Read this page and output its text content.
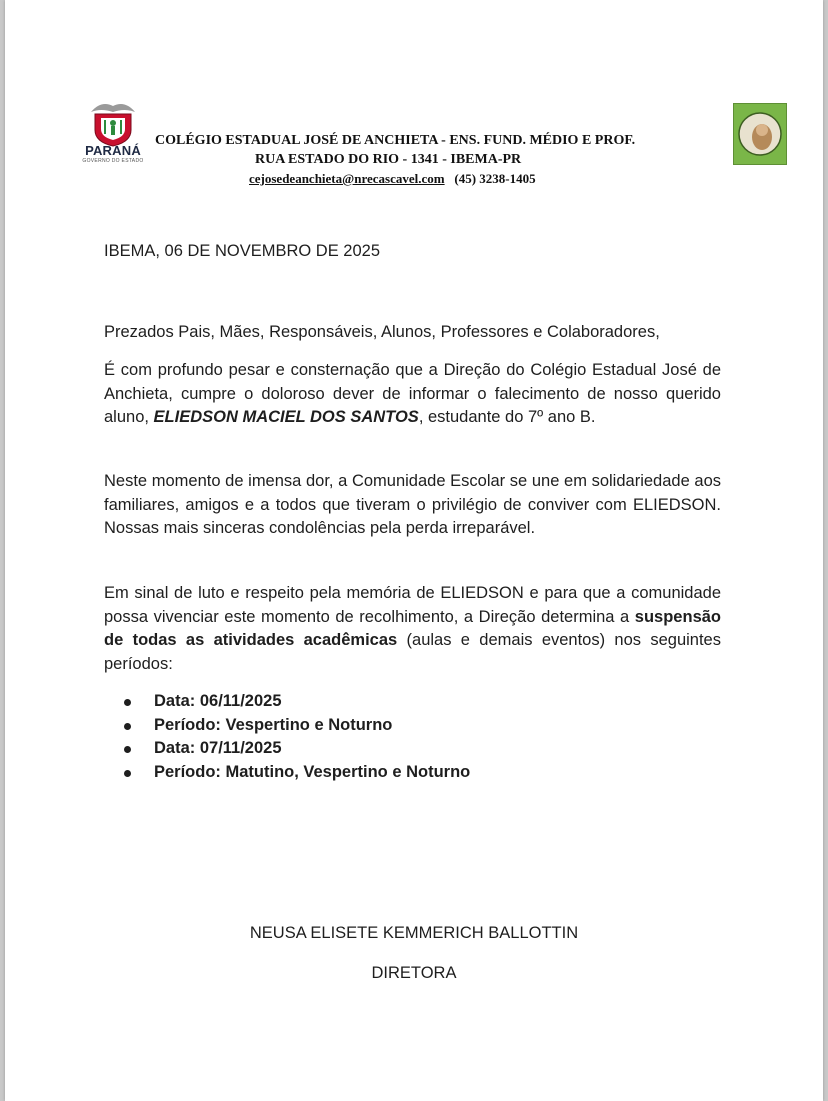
PARANÁ
GOVERNO DO ESTADO
COLÉGIO ESTADUAL JOSÉ DE ANCHIETA - ENS. FUND. MÉDIO E PROF.
RUA ESTADO DO RIO - 1341 - IBEMA-PR
cejosedeanchieta@nrecascavel.com (45) 3238-1405
IBEMA, 06 DE NOVEMBRO DE 2025
Prezados Pais, Mães, Responsáveis, Alunos, Professores e Colaboradores,
É com profundo pesar e consternação que a Direção do Colégio Estadual José de Anchieta, cumpre o doloroso dever de informar o falecimento de nosso querido aluno, ELIEDSON MACIEL DOS SANTOS, estudante do 7º ano B.
Neste momento de imensa dor, a Comunidade Escolar se une em solidariedade aos familiares, amigos e a todos que tiveram o privilégio de conviver com ELIEDSON. Nossas mais sinceras condolências pela perda irreparável.
Em sinal de luto e respeito pela memória de ELIEDSON e para que a comunidade possa vivenciar este momento de recolhimento, a Direção determina a suspensão de todas as atividades acadêmicas (aulas e demais eventos) nos seguintes períodos:
Data: 06/11/2025
Período: Vespertino e Noturno
Data: 07/11/2025
Período: Matutino, Vespertino e Noturno
NEUSA ELISETE KEMMERICH BALLOTTIN
DIRETORA
